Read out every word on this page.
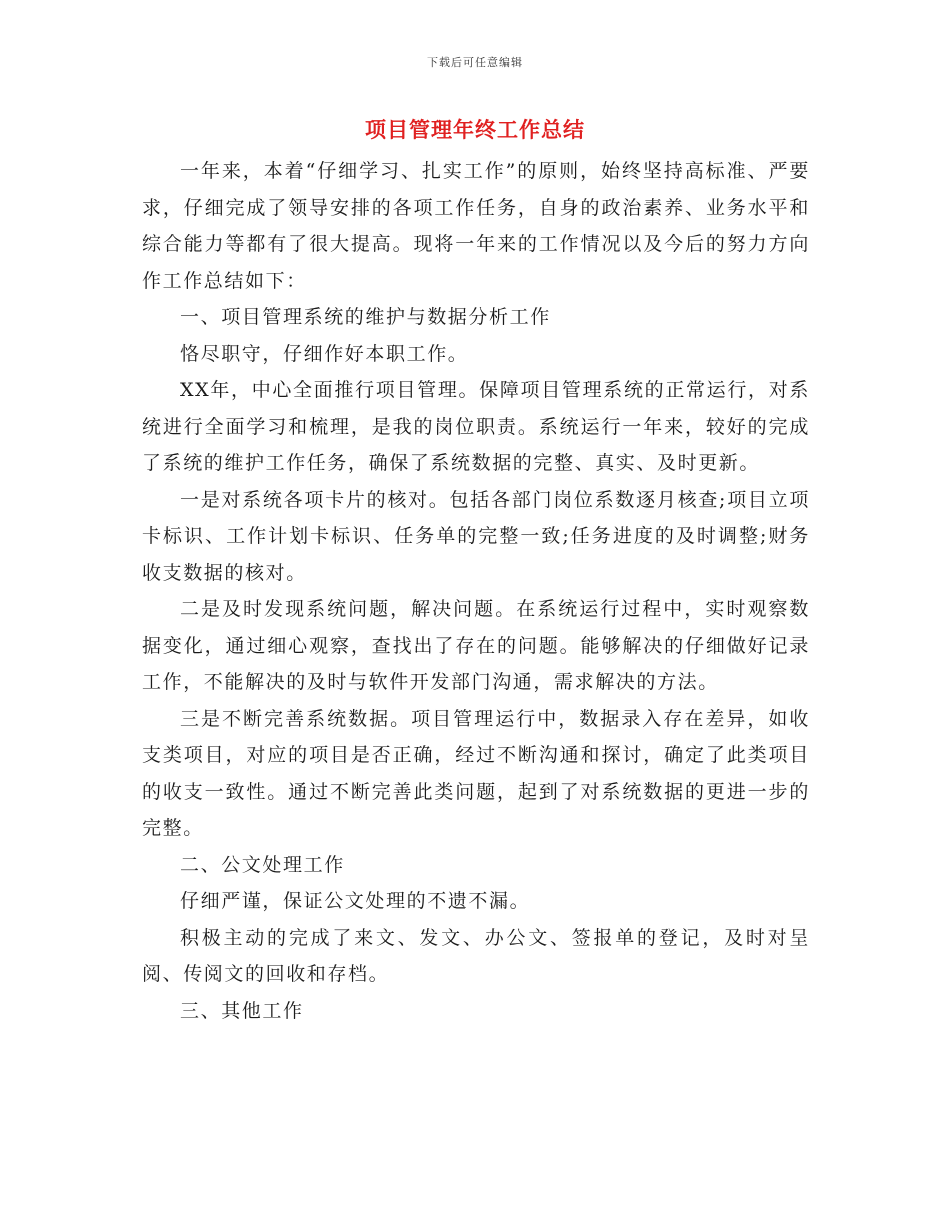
下载后可任意编辑
项目管理年终工作总结

一年来，本着“仔细学习、扎实工作”的原则，始终坚持高标准、严要求，仔细完成了领导安排的各项工作任务，自身的政治素养、业务水平和综合能力等都有了很大提高。现将一年来的工作情况以及今后的努力方向作工作总结如下：

一、项目管理系统的维护与数据分析工作

恪尽职守，仔细作好本职工作。

XX年，中心全面推行项目管理。保障项目管理系统的正常运行，对系统进行全面学习和梳理，是我的岗位职责。系统运行一年来，较好的完成了系统的维护工作任务，确保了系统数据的完整、真实、及时更新。

一是对系统各项卡片的核对。包括各部门岗位系数逐月核查;项目立项卡标识、工作计划卡标识、任务单的完整一致;任务进度的及时调整;财务收支数据的核对。

二是及时发现系统问题，解决问题。在系统运行过程中，实时观察数据变化，通过细心观察，查找出了存在的问题。能够解决的仔细做好记录工作，不能解决的及时与软件开发部门沟通，需求解决的方法。

三是不断完善系统数据。项目管理运行中，数据录入存在差异，如收支类项目，对应的项目是否正确，经过不断沟通和探讨，确定了此类项目的收支一致性。通过不断完善此类问题，起到了对系统数据的更进一步的完整。

二、公文处理工作

仔细严谨，保证公文处理的不遗不漏。

积极主动的完成了来文、发文、办公文、签报单的登记，及时对呈阅、传阅文的回收和存档。

三、其他工作
